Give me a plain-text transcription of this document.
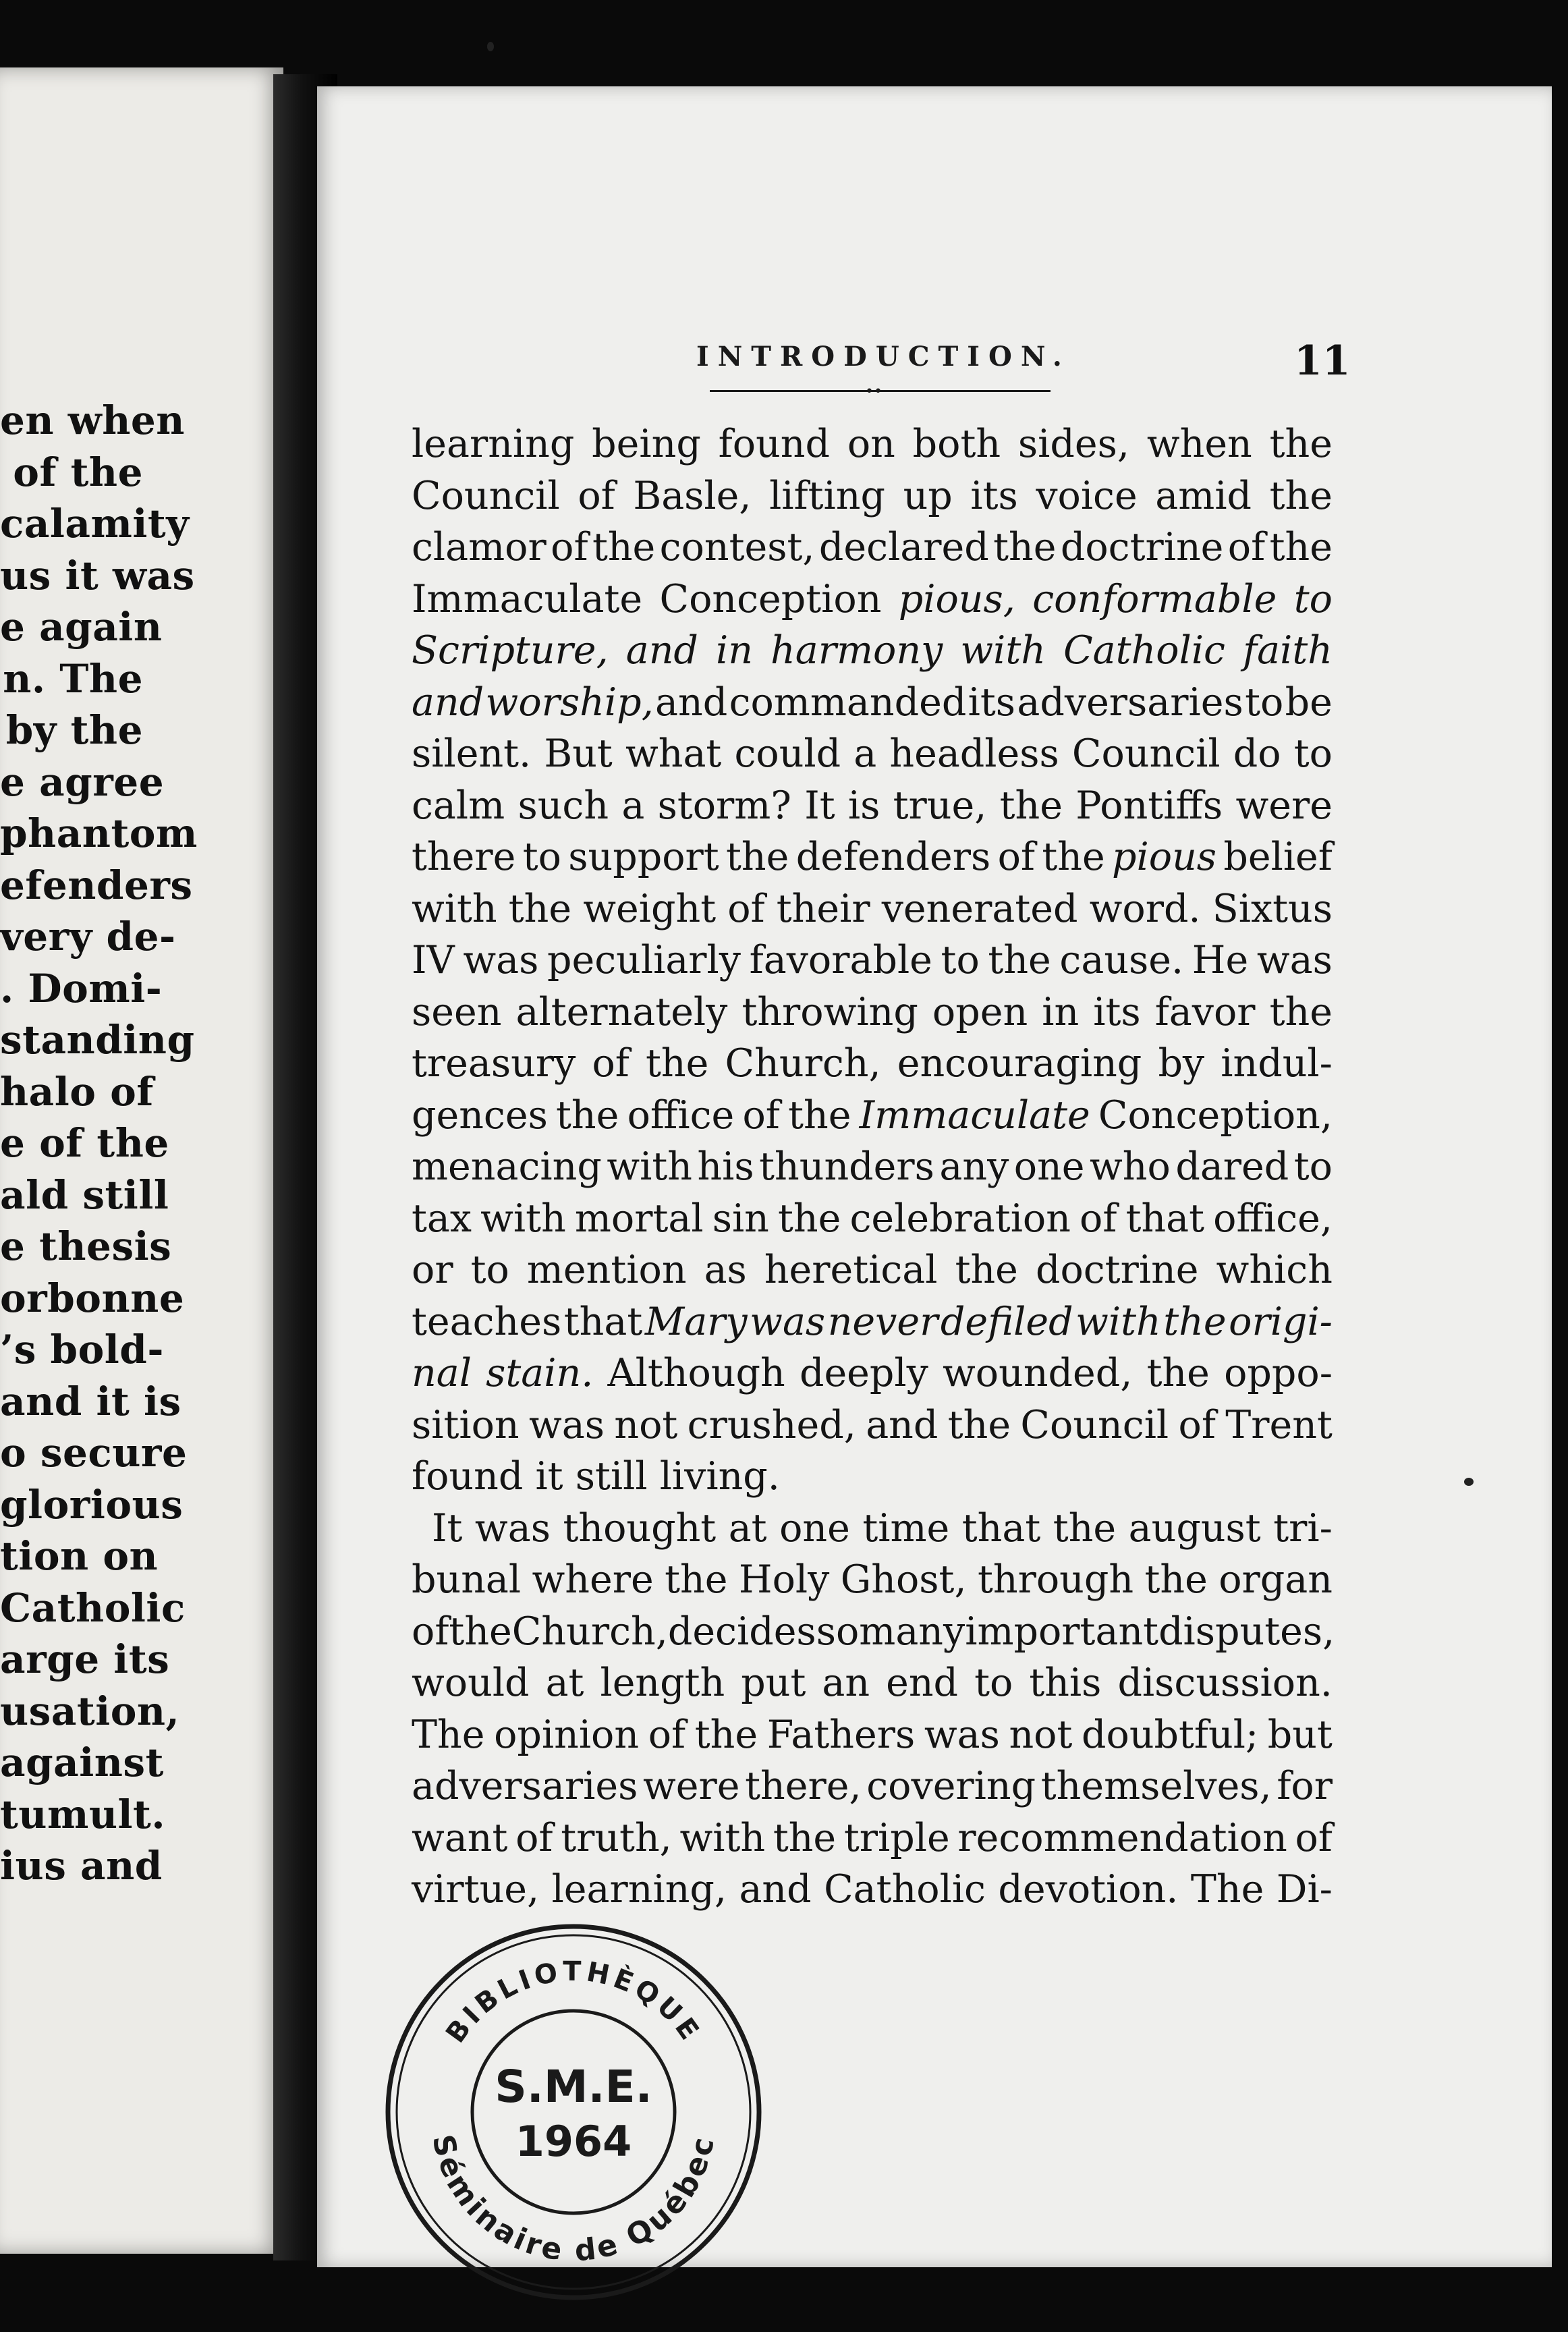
en when
of the
calamity
us it was
e again
n. The
by the
e agree
phantom
efenders
very de-
. Domi-
standing
halo of
e of the
ald still
e thesis
orbonne
’s bold-
and it is
o secure
glorious
tion on
Catholic
arge its
usation,
against
tumult.
ius and
INTRODUCTION.
••
11
learning being found on both sides, when the
Council of Basle, lifting up its voice amid the
clamor of the contest, declared the doctrine of the
Immaculate Conception pious, conformable to
Scripture, and in harmony with Catholic faith
and worship, and commanded its adversaries to be
silent. But what could a headless Council do to
calm such a storm? It is true, the Pontiffs were
there to support the defenders of the pious belief
with the weight of their venerated word. Sixtus
IV was peculiarly favorable to the cause. He was
seen alternately throwing open in its favor the
treasury of the Church, encouraging by indul-
gences the office of the Immaculate Conception,
menacing with his thunders any one who dared to
tax with mortal sin the celebration of that office,
or to mention as heretical the doctrine which
teaches that Mary was never defiled with the origi-
nal stain. Although deeply wounded, the oppo-
sition was not crushed, and the Council of Trent
found
it
still
living.
It was thought at one time that the august tri-
bunal where the Holy Ghost, through the organ
of the Church, decides so many important disputes,
would at length put an end to this discussion.
The opinion of the Fathers was not doubtful; but
adversaries were there, covering themselves, for
want of truth, with the triple recommendation of
virtue, learning, and Catholic devotion. The Di-
BIBLIOTHÈQUE
Séminaire de Québec
S.M.E.
1964
